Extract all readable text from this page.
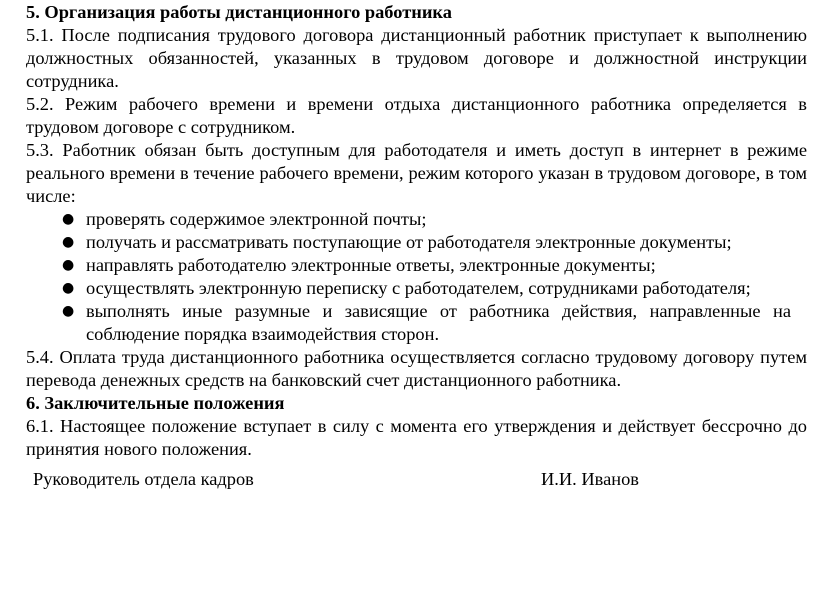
5. Организация работы дистанционного работника

5.1. После подписания трудового договора дистанционный работник приступает к выполнению должностных обязанностей, указанных в трудовом договоре и должностной инструкции сотрудника.

5.2. Режим рабочего времени и времени отдыха дистанционного работника определяется в трудовом договоре с сотрудником.

5.3. Работник обязан быть доступным для работодателя и иметь доступ в интернет в режиме реального времени в течение рабочего времени, режим которого указан в трудовом договоре, в том числе:

● проверять содержимое электронной почты;
● получать и рассматривать поступающие от работодателя электронные документы;
● направлять работодателю электронные ответы, электронные документы;
● осуществлять электронную переписку с работодателем, сотрудниками работодателя;
● выполнять иные разумные и зависящие от работника действия, направленные на соблюдение порядка взаимодействия сторон.

5.4. Оплата труда дистанционного работника осуществляется согласно трудовому договору путем перевода денежных средств на банковский счет дистанционного работника.

6. Заключительные положения

6.1. Настоящее положение вступает в силу с момента его утверждения и действует бессрочно до принятия нового положения.

Руководитель отдела кадров	И.И. Иванов
